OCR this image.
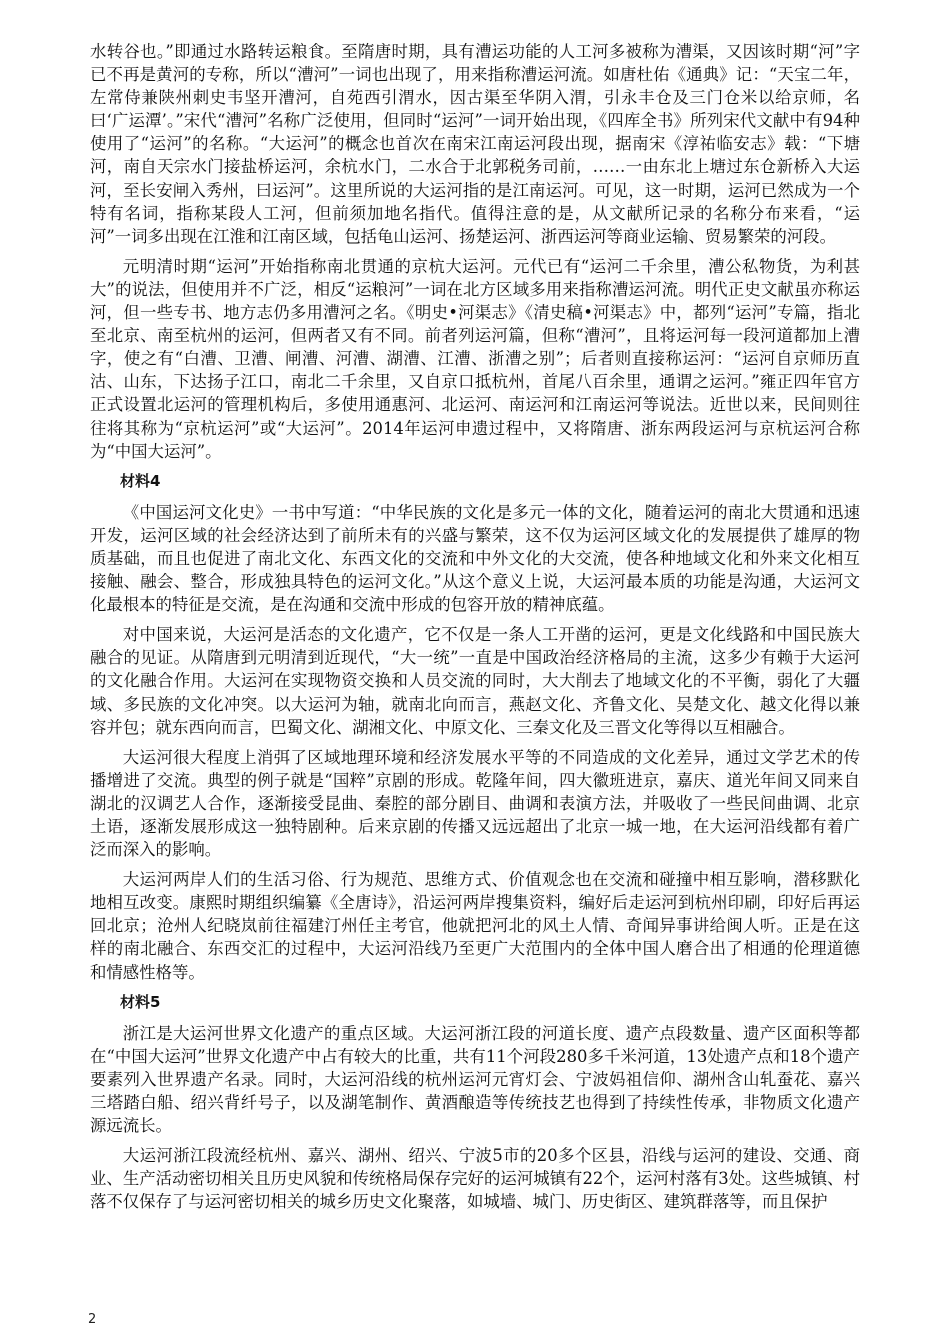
水转谷也。”即通过水路转运粮食。至隋唐时期，具有漕运功能的人工河多被称为漕渠，又因该时期“河”字已不再是黄河的专称，所以“漕河”一词也出现了，用来指称漕运河流。如唐杜佑《通典》记：“天宝二年，左常侍兼陕州刺史韦坚开漕河，自苑西引渭水，因古渠至华阴入渭，引永丰仓及三门仓米以给京师，名曰‘广运潭’。”宋代“漕河”名称广泛使用，但同时“运河”一词开始出现，《四库全书》所列宋代文献中有94种使用了“运河”的名称。“大运河”的概念也首次在南宋江南运河段出现，据南宋《淳祐临安志》载：“下塘河，南自天宗水门接盐桥运河，余杭水门，二水合于北郭税务司前，……一由东北上塘过东仓新桥入大运河，至长安闸入秀州，曰运河”。这里所说的大运河指的是江南运河。可见，这一时期，运河已然成为一个特有名词，指称某段人工河，但前须加地名指代。值得注意的是，从文献所记录的名称分布来看，“运河”一词多出现在江淮和江南区域，包括龟山运河、扬楚运河、浙西运河等商业运输、贸易繁荣的河段。

元明清时期“运河”开始指称南北贯通的京杭大运河。元代已有“运河二千余里，漕公私物货，为利甚大”的说法，但使用并不广泛，相反“运粮河”一词在北方区域多用来指称漕运河流。明代正史文献虽亦称运河，但一些专书、地方志仍多用漕河之名。《明史•河渠志》《清史稿•河渠志》中，都列“运河”专篇，指北至北京、南至杭州的运河，但两者又有不同。前者列运河篇，但称“漕河”，且将运河每一段河道都加上漕字，使之有“白漕、卫漕、闸漕、河漕、湖漕、江漕、浙漕之别”；后者则直接称运河：“运河自京师历直沽、山东，下达扬子江口，南北二千余里，又自京口抵杭州，首尾八百余里，通谓之运河。”雍正四年官方正式设置北运河的管理机构后，多使用通惠河、北运河、南运河和江南运河等说法。近世以来，民间则往往将其称为“京杭运河”或“大运河”。2014年运河申遗过程中，又将隋唐、浙东两段运河与京杭运河合称为“中国大运河”。

材料4

《中国运河文化史》一书中写道：“中华民族的文化是多元一体的文化，随着运河的南北大贯通和迅速开发，运河区域的社会经济达到了前所未有的兴盛与繁荣，这不仅为运河区域文化的发展提供了雄厚的物质基础，而且也促进了南北文化、东西文化的交流和中外文化的大交流，使各种地域文化和外来文化相互接触、融会、整合，形成独具特色的运河文化。”从这个意义上说，大运河最本质的功能是沟通，大运河文化最根本的特征是交流，是在沟通和交流中形成的包容开放的精神底蕴。

对中国来说，大运河是活态的文化遗产，它不仅是一条人工开凿的运河，更是文化线路和中国民族大融合的见证。从隋唐到元明清到近现代，“大一统”一直是中国政治经济格局的主流，这多少有赖于大运河的文化融合作用。大运河在实现物资交换和人员交流的同时，大大削去了地域文化的不平衡，弱化了大疆域、多民族的文化冲突。以大运河为轴，就南北向而言，燕赵文化、齐鲁文化、吴楚文化、越文化得以兼容并包；就东西向而言，巴蜀文化、湖湘文化、中原文化、三秦文化及三晋文化等得以互相融合。

大运河很大程度上消弭了区域地理环境和经济发展水平等的不同造成的文化差异，通过文学艺术的传播增进了交流。典型的例子就是“国粹”京剧的形成。乾隆年间，四大徽班进京，嘉庆、道光年间又同来自湖北的汉调艺人合作，逐渐接受昆曲、秦腔的部分剧目、曲调和表演方法，并吸收了一些民间曲调、北京土语，逐渐发展形成这一独特剧种。后来京剧的传播又远远超出了北京一城一地，在大运河沿线都有着广泛而深入的影响。

大运河两岸人们的生活习俗、行为规范、思维方式、价值观念也在交流和碰撞中相互影响，潜移默化地相互改变。康熙时期组织编纂《全唐诗》，沿运河两岸搜集资料，编好后走运河到杭州印刷，印好后再运回北京；沧州人纪晓岚前往福建汀州任主考官，他就把河北的风土人情、奇闻异事讲给闽人听。正是在这样的南北融合、东西交汇的过程中，大运河沿线乃至更广大范围内的全体中国人磨合出了相通的伦理道德和情感性格等。

材料5

浙江是大运河世界文化遗产的重点区域。大运河浙江段的河道长度、遗产点段数量、遗产区面积等都在“中国大运河”世界文化遗产中占有较大的比重，共有11个河段280多千米河道，13处遗产点和18个遗产要素列入世界遗产名录。同时，大运河沿线的杭州运河元宵灯会、宁波妈祖信仰、湖州含山轧蚕花、嘉兴三塔踏白船、绍兴背纤号子，以及湖笔制作、黄酒酿造等传统技艺也得到了持续性传承，非物质文化遗产源远流长。

大运河浙江段流经杭州、嘉兴、湖州、绍兴、宁波5市的20多个区县，沿线与运河的建设、交通、商业、生产活动密切相关且历史风貌和传统格局保存完好的运河城镇有22个，运河村落有3处。这些城镇、村落不仅保存了与运河密切相关的城乡历史文化聚落，如城墙、城门、历史街区、建筑群落等，而且保护

2
